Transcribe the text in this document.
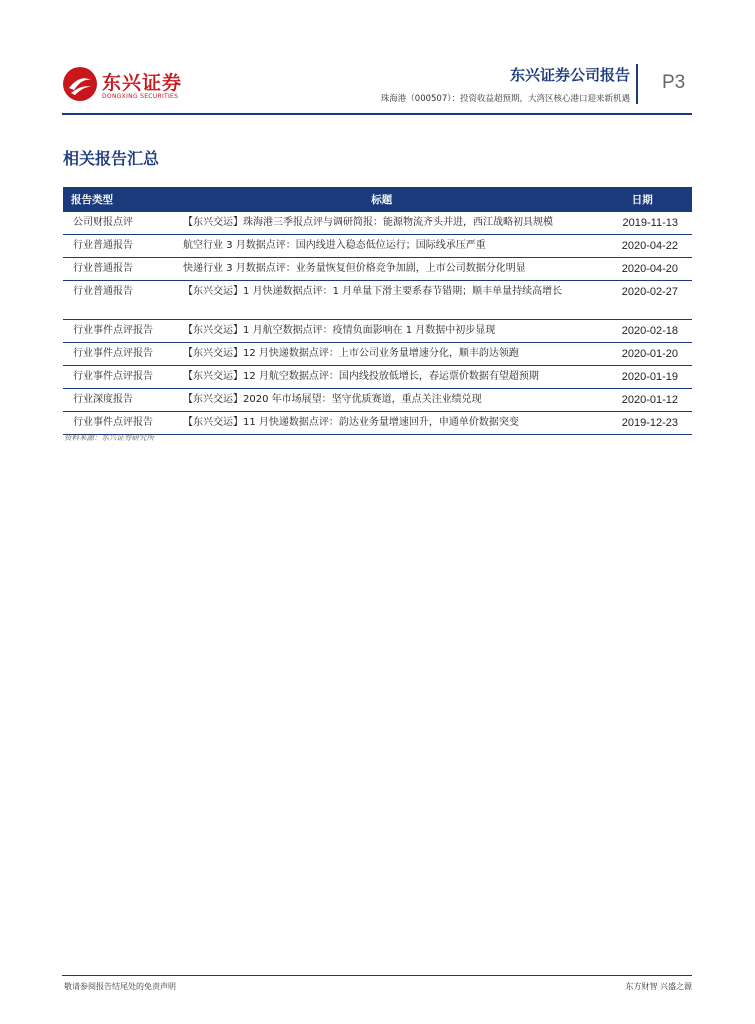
东兴证券
DONGXING SECURITIES
东兴证券公司报告
珠海港（000507）：投资收益超预期，大湾区核心港口迎来新机遇
P3
相关报告汇总
报告类型	标题	日期
公司财报点评	【东兴交运】珠海港三季报点评与调研简报：能源物流齐头并进，西江战略初具规模	2019-11-13
行业普通报告	航空行业 3 月数据点评：国内线进入稳态低位运行；国际线承压严重	2020-04-22
行业普通报告	快递行业 3 月数据点评：业务量恢复但价格竞争加剧，上市公司数据分化明显	2020-04-20
行业普通报告	【东兴交运】1 月快递数据点评：1 月单量下滑主要系春节错期；顺丰单量持续高增长	2020-02-27
行业事件点评报告	【东兴交运】1 月航空数据点评：疫情负面影响在 1 月数据中初步显现	2020-02-18
行业事件点评报告	【东兴交运】12 月快递数据点评：上市公司业务量增速分化，顺丰韵达领跑	2020-01-20
行业事件点评报告	【东兴交运】12 月航空数据点评：国内线投放低增长，春运票价数据有望超预期	2020-01-19
行业深度报告	【东兴交运】2020 年市场展望：坚守优质赛道，重点关注业绩兑现	2020-01-12
行业事件点评报告	【东兴交运】11 月快递数据点评：韵达业务量增速回升，申通单价数据突变	2019-12-23
资料来源：东兴证券研究所
敬请参阅报告结尾处的免责声明	东方财智 兴盛之源
